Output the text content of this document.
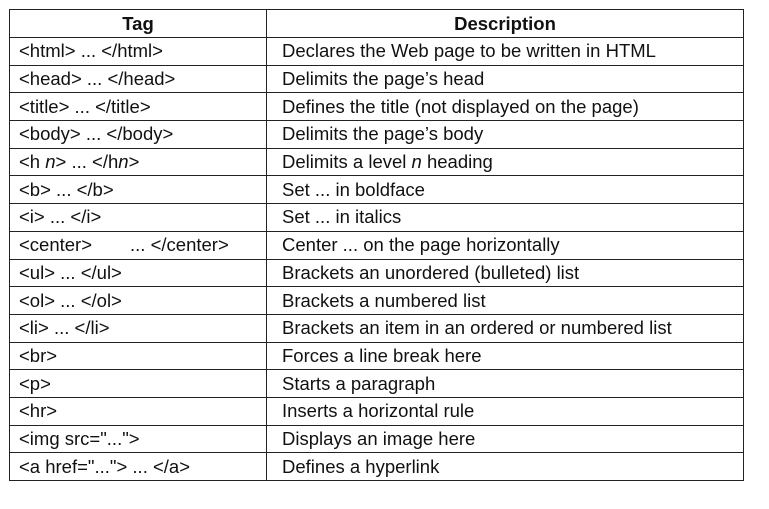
Tag	Description
<html> ... </html>	Declares the Web page to be written in HTML
<head> ... </head>	Delimits the page’s head
<title> ... </title>	Defines the title (not displayed on the page)
<body> ... </body>	Delimits the page’s body
<h n> ... </hn>	Delimits a level n heading
<b> ... </b>	Set ... in boldface
<i> ... </i>	Set ... in italics
<center> ... </center>	Center ... on the page horizontally
<ul> ... </ul>	Brackets an unordered (bulleted) list
<ol> ... </ol>	Brackets a numbered list
<li> ... </li>	Brackets an item in an ordered or numbered list
<br>	Forces a line break here
<p>	Starts a paragraph
<hr>	Inserts a horizontal rule
<img src="...">	Displays an image here
<a href="..."> ... </a>	Defines a hyperlink
